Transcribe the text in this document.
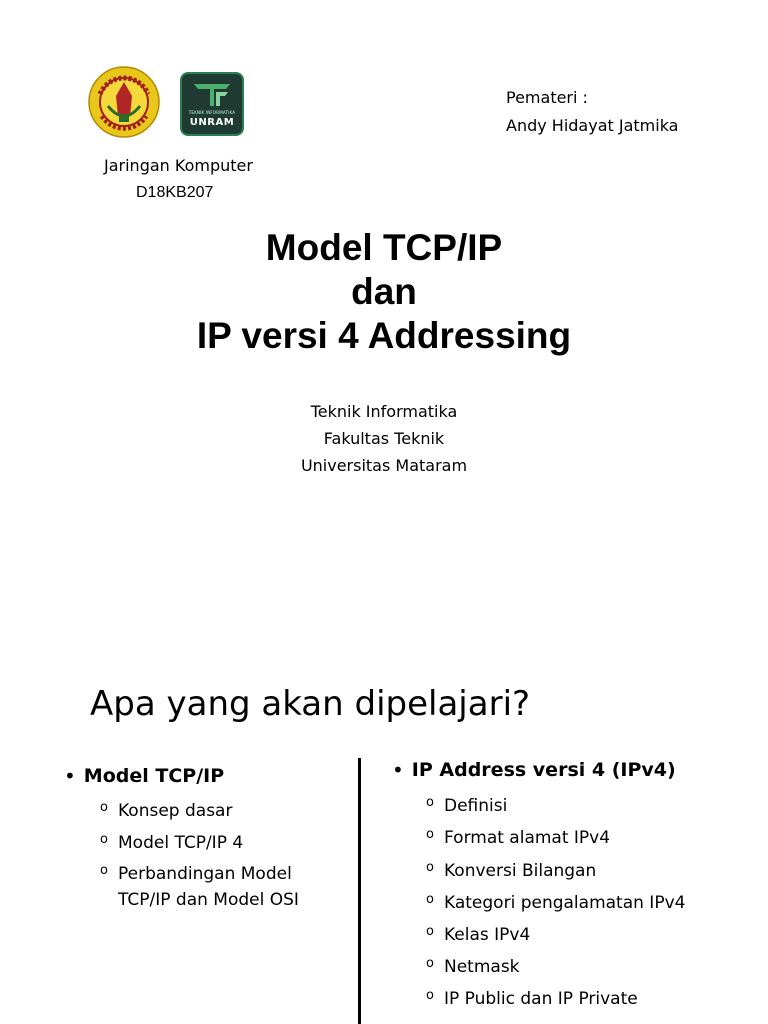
TEKNIK INFORMATIKA
UNRAM
Pemateri :
Andy Hidayat Jatmika
Jaringan Komputer
D18KB207
Model TCP/IP
dan
IP versi 4 Addressing
Teknik Informatika
Fakultas Teknik
Universitas Mataram
Apa yang akan dipelajari?
• Model TCP/IP
o Konsep dasar
o Model TCP/IP 4
o Perbandingan Model
TCP/IP dan Model OSI
• IP Address versi 4 (IPv4)
o Definisi
o Format alamat IPv4
o Konversi Bilangan
o Kategori pengalamatan IPv4
o Kelas IPv4
o Netmask
o IP Public dan IP Private
